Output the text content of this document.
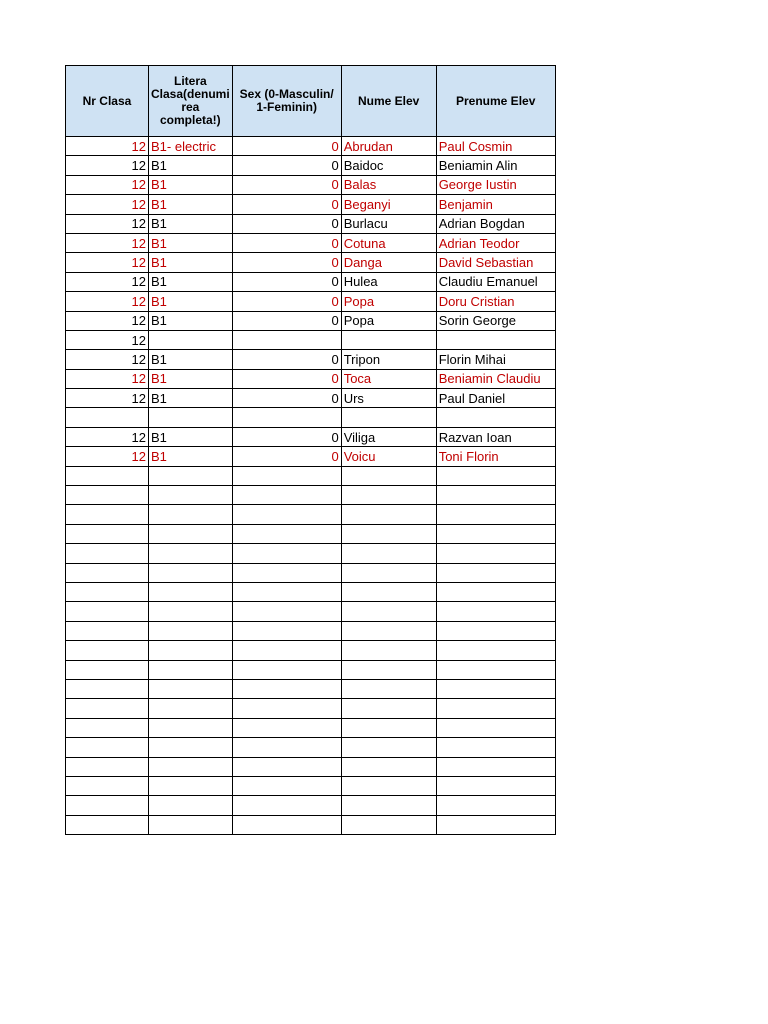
Nr Clasa	Litera Clasa(denumi rea completa!)	Sex (0-Masculin/ 1-Feminin)	Nume Elev	Prenume Elev
12	B1- electric	0	Abrudan	Paul Cosmin
12	B1	0	Baidoc	Beniamin Alin
12	B1	0	Balas	George Iustin
12	B1	0	Beganyi	Benjamin
12	B1	0	Burlacu	Adrian Bogdan
12	B1	0	Cotuna	Adrian Teodor
12	B1	0	Danga	David Sebastian
12	B1	0	Hulea	Claudiu Emanuel
12	B1	0	Popa	Doru Cristian
12	B1	0	Popa	Sorin George
12				
12	B1	0	Tripon	Florin Mihai
12	B1	0	Toca	Beniamin Claudiu
12	B1	0	Urs	Paul Daniel

12	B1	0	Viliga	Razvan Ioan
12	B1	0	Voicu	Toni Florin
